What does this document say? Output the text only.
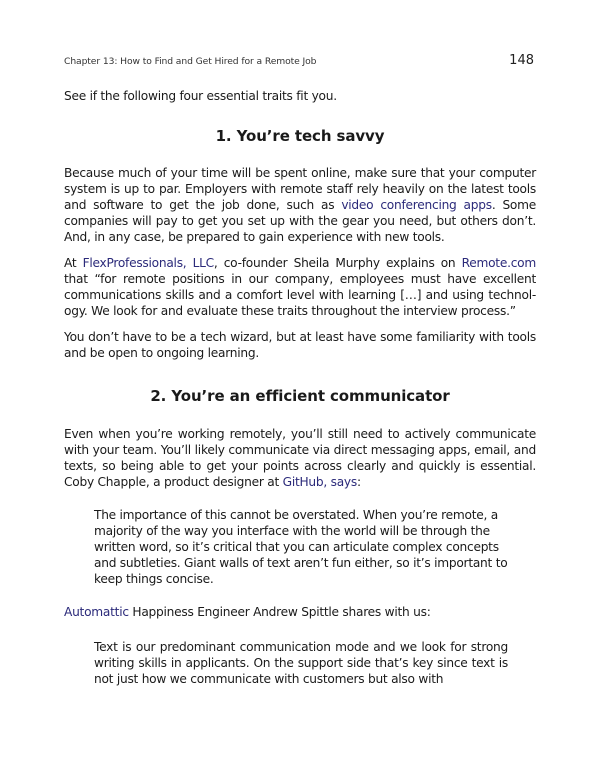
Chapter 13: How to Find and Get Hired for a Remote Job	148

See if the following four essential traits fit you.

1. You’re tech savvy

Because much of your time will be spent online, make sure that your computer system is up to par. Employers with remote staff rely heavily on the latest tools and software to get the job done, such as video conferencing apps. Some companies will pay to get you set up with the gear you need, but others don’t. And, in any case, be prepared to gain experience with new tools.

At FlexProfessionals, LLC, co-founder Sheila Murphy explains on Remote.com that “for remote positions in our company, employees must have excellent communications skills and a comfort level with learning […] and using technol-ogy. We look for and evaluate these traits throughout the interview process.”

You don’t have to be a tech wizard, but at least have some familiarity with tools and be open to ongoing learning.

2. You’re an efficient communicator

Even when you’re working remotely, you’ll still need to actively communicate with your team. You’ll likely communicate via direct messaging apps, email, and texts, so being able to get your points across clearly and quickly is essential. Coby Chapple, a product designer at GitHub, says:

The importance of this cannot be overstated. When you’re remote, a majority of the way you interface with the world will be through the written word, so it’s critical that you can articulate complex concepts and subtleties. Giant walls of text aren’t fun either, so it’s important to keep things concise.

Automattic Happiness Engineer Andrew Spittle shares with us:

Text is our predominant communication mode and we look for strong writing skills in applicants. On the support side that’s key since text is not just how we communicate with customers but also with
